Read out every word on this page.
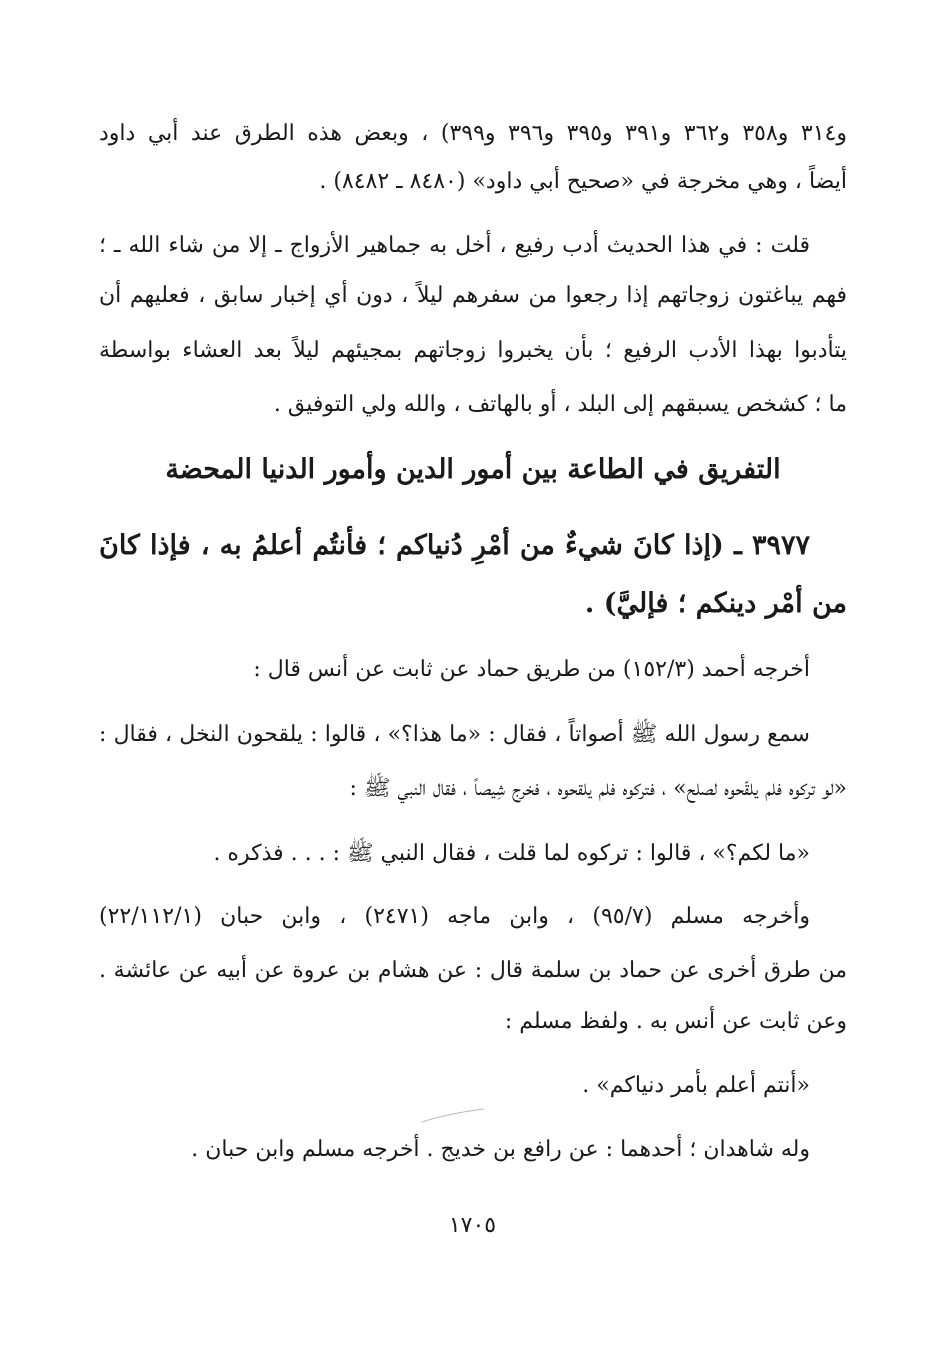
و٣١٤ و٣٥٨ و٣٦٢ و٣٩١ و٣٩٥ و٣٩٦ و٣٩٩) ، وبعض هذه الطرق عند أبي داود
أيضاً ، وهي مخرجة في «صحيح أبي داود» (٨٤٨٠ ـ ٨٤٨٢) .
قلت : في هذا الحديث أدب رفيع ، أخل به جماهير الأزواج ـ إلا من شاء الله ـ ؛
فهم يباغتون زوجاتهم إذا رجعوا من سفرهم ليلاً ، دون أي إخبار سابق ، فعليهم أن
يتأدبوا بهذا الأدب الرفيع ؛ بأن يخبروا زوجاتهم بمجيئهم ليلاً بعد العشاء بواسطة
ما ؛ كشخص يسبقهم إلى البلد ، أو بالهاتف ، والله ولي التوفيق .
التفريق في الطاعة بين أمور الدين وأمور الدنيا المحضة
٣٩٧٧ ـ (إذا كانَ شيءٌ من أمْرِ دُنياكم ؛ فأنتُم أعلمُ به ، فإذا كانَ
من أمْر دينكم ؛ فإليَّ) .
أخرجه أحمد (١٥٢/٣) من طريق حماد عن ثابت عن أنس قال :
سمع رسول الله ﷺ أصواتاً ، فقال : «ما هذا؟» ، قالوا : يلقحون النخل ، فقال :
«لو تركوه فلم يلقّحوه لصلح» ، فتركوه فلم يلقحوه ، فخرج شِيصاً ، فقال النبي ﷺ :
«ما لكم؟» ، قالوا : تركوه لما قلت ، فقال النبي ﷺ : . . . فذكره .
وأخرجه مسلم (٩٥/٧) ، وابن ماجه (٢٤٧١) ، وابن حبان (٢٢/١١٢/١)
من طرق أخرى عن حماد بن سلمة قال : عن هشام بن عروة عن أبيه عن عائشة .
وعن ثابت عن أنس به . ولفظ مسلم :
«أنتم أعلم بأمر دنياكم» .
وله شاهدان ؛ أحدهما : عن رافع بن خديج . أخرجه مسلم وابن حبان .
١٧٠٥
